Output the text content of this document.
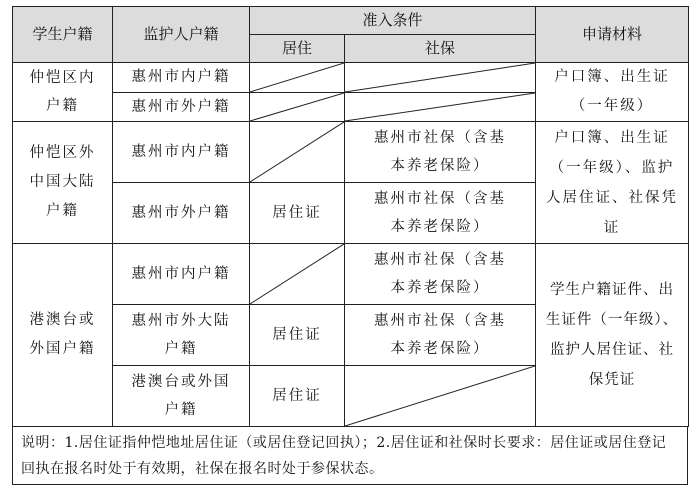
学生户籍	监护人户籍	准入条件		申请材料
		居住	社保	
仲恺区内户籍	惠州市内户籍			户口簿、出生证（一年级）
	惠州市外户籍	

仲恺区外中国大陆户籍	惠州市内户籍		惠州市社保（含基本养老保险）	户口簿、出生证（一年级）、监护人居住证、社保凭证
	惠州市外户籍	居住证	惠州市社保（含基本养老保险）	
港澳台或外国户籍	惠州市内户籍		惠州市社保（含基本养老保险）	学生户籍证件、出生证件（一年级）、监护人居住证、社保凭证
	惠州市外大陆户籍	居住证	惠州市社保（含基本养老保险）	
	港澳台或外国户籍	居住证	
说明：1.居住证指仲恺地址居住证（或居住登记回执）；2.居住证和社保时长要求：居住证或居住登记回执在报名时处于有效期，社保在报名时处于参保状态。
